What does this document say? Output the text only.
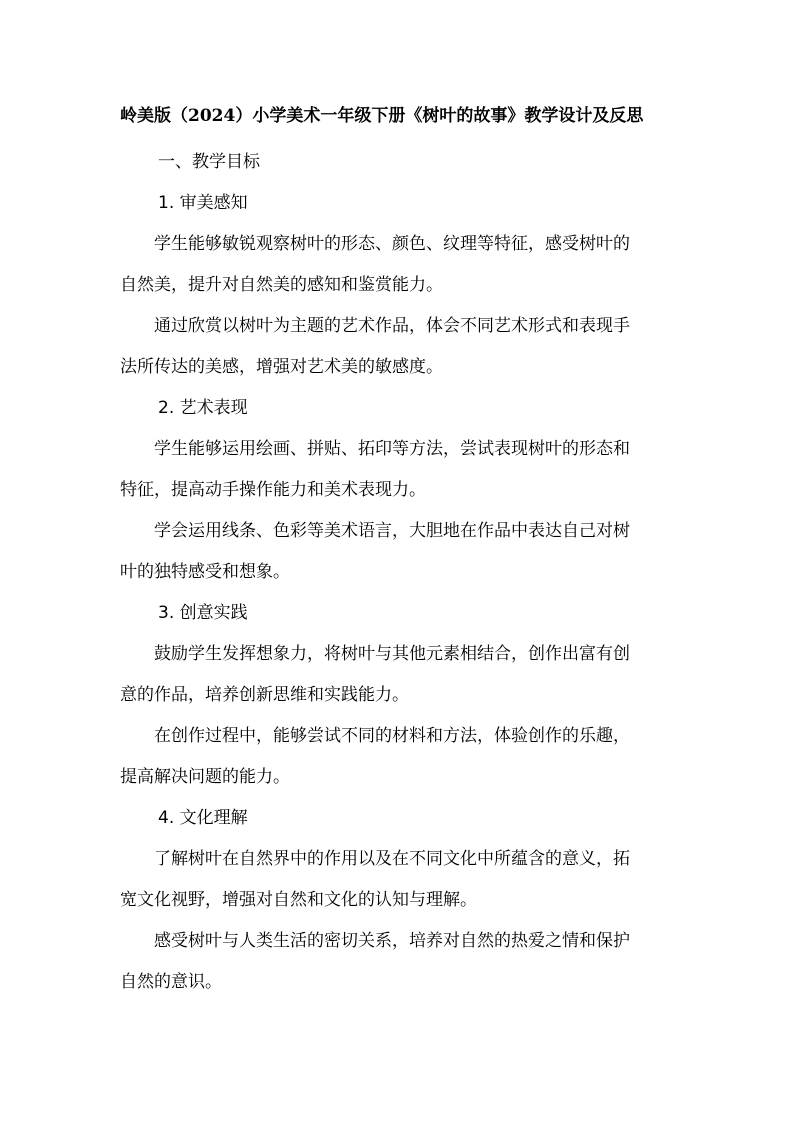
岭美版（2024）小学美术一年级下册《树叶的故事》教学设计及反思
一、教学目标
1. 审美感知
学生能够敏锐观察树叶的形态、颜色、纹理等特征，感受树叶的
自然美，提升对自然美的感知和鉴赏能力。
通过欣赏以树叶为主题的艺术作品，体会不同艺术形式和表现手
法所传达的美感，增强对艺术美的敏感度。
2. 艺术表现
学生能够运用绘画、拼贴、拓印等方法，尝试表现树叶的形态和
特征，提高动手操作能力和美术表现力。
学会运用线条、色彩等美术语言，大胆地在作品中表达自己对树
叶的独特感受和想象。
3. 创意实践
鼓励学生发挥想象力，将树叶与其他元素相结合，创作出富有创
意的作品，培养创新思维和实践能力。
在创作过程中，能够尝试不同的材料和方法，体验创作的乐趣，
提高解决问题的能力。
4. 文化理解
了解树叶在自然界中的作用以及在不同文化中所蕴含的意义，拓
宽文化视野，增强对自然和文化的认知与理解。
感受树叶与人类生活的密切关系，培养对自然的热爱之情和保护
自然的意识。
